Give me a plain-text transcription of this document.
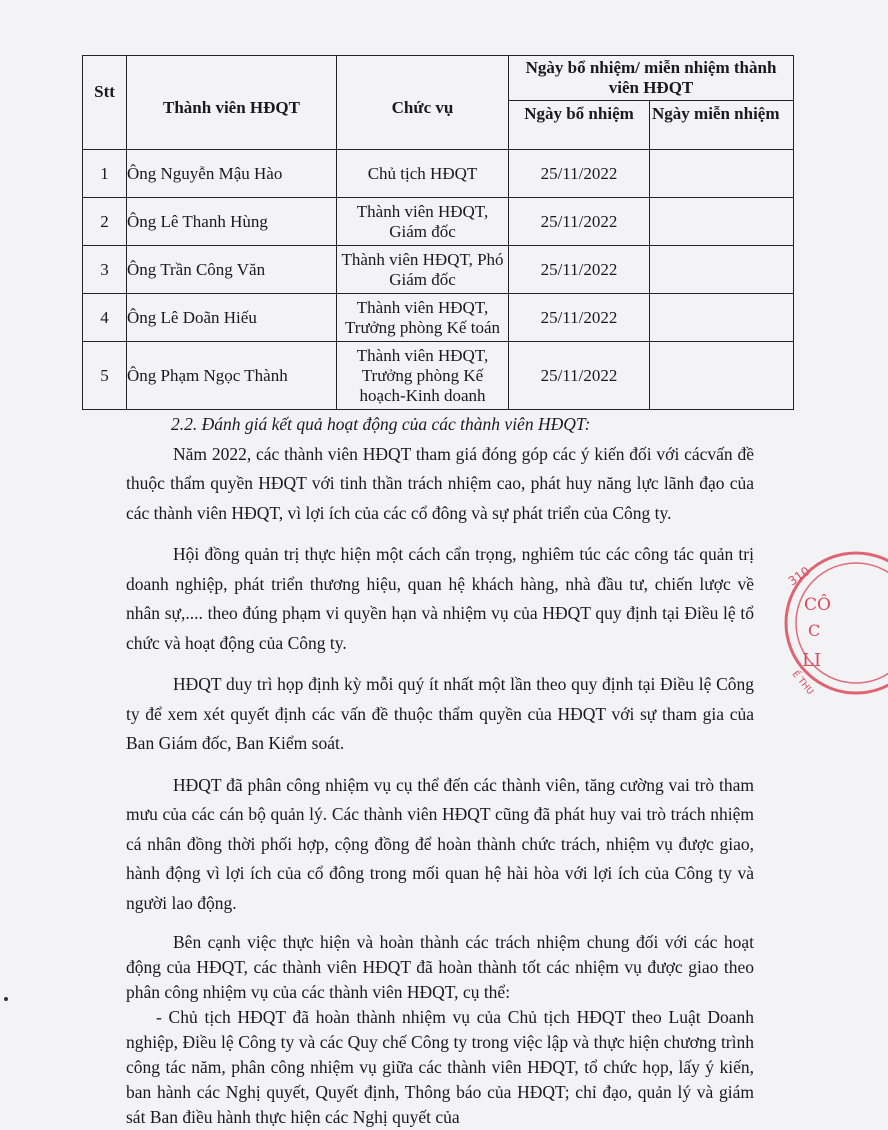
Stt	Thành viên HĐQT	Chức vụ	Ngày bổ nhiệm/ miễn nhiệm thành viên HĐQT	
			Ngày bổ nhiệm	Ngày miễn nhiệm
1	Ông Nguyễn Mậu Hào	Chủ tịch HĐQT	25/11/2022	
2	Ông Lê Thanh Hùng	Thành viên HĐQT, Giám đốc	25/11/2022	
3	Ông Trần Công Văn	Thành viên HĐQT, Phó Giám đốc	25/11/2022	
4	Ông Lê Doãn Hiếu	Thành viên HĐQT, Trưởng phòng Kế toán	25/11/2022	
5	Ông Phạm Ngọc Thành	Thành viên HĐQT, Trưởng phòng Kế hoạch-Kinh doanh	25/11/2022	

2.2. Đánh giá kết quả hoạt động của các thành viên HĐQT:

Năm 2022, các thành viên HĐQT tham giá đóng góp các ý kiến đối với cácvấn đề thuộc thẩm quyền HĐQT với tinh thần trách nhiệm cao, phát huy năng lực lãnh đạo của các thành viên HĐQT, vì lợi ích của các cổ đông và sự phát triển của Công ty.

Hội đồng quản trị thực hiện một cách cẩn trọng, nghiêm túc các công tác quản trị doanh nghiệp, phát triển thương hiệu, quan hệ khách hàng, nhà đầu tư, chiến lược về nhân sự,.... theo đúng phạm vi quyền hạn và nhiệm vụ của HĐQT quy định tại Điều lệ tổ chức và hoạt động của Công ty.

HĐQT duy trì họp định kỳ mỗi quý ít nhất một lần theo quy định tại Điều lệ Công ty để xem xét quyết định các vấn đề thuộc thẩm quyền của HĐQT với sự tham gia của Ban Giám đốc, Ban Kiểm soát.

HĐQT đã phân công nhiệm vụ cụ thể đến các thành viên, tăng cường vai trò tham mưu của các cán bộ quản lý. Các thành viên HĐQT cũng đã phát huy vai trò trách nhiệm cá nhân đồng thời phối hợp, cộng đồng để hoàn thành chức trách, nhiệm vụ được giao, hành động vì lợi ích của cổ đông trong mối quan hệ hài hòa với lợi ích của Công ty và người lao động.

Bên cạnh việc thực hiện và hoàn thành các trách nhiệm chung đối với các hoạt động của HĐQT, các thành viên HĐQT đã hoàn thành tốt các nhiệm vụ được giao theo phân công nhiệm vụ của các thành viên HĐQT, cụ thể:

- Chủ tịch HĐQT đã hoàn thành nhiệm vụ của Chủ tịch HĐQT theo Luật Doanh nghiệp, Điều lệ Công ty và các Quy chế Công ty trong việc lập và thực hiện chương trình công tác năm, phân công nhiệm vụ giữa các thành viên HĐQT, tổ chức họp, lấy ý kiến, ban hành các Nghị quyết, Quyết định, Thông báo của HĐQT; chỉ đạo, quản lý và giám sát Ban điều hành thực hiện các Nghị quyết của

310
CÔ
C
LI
Ế THU
